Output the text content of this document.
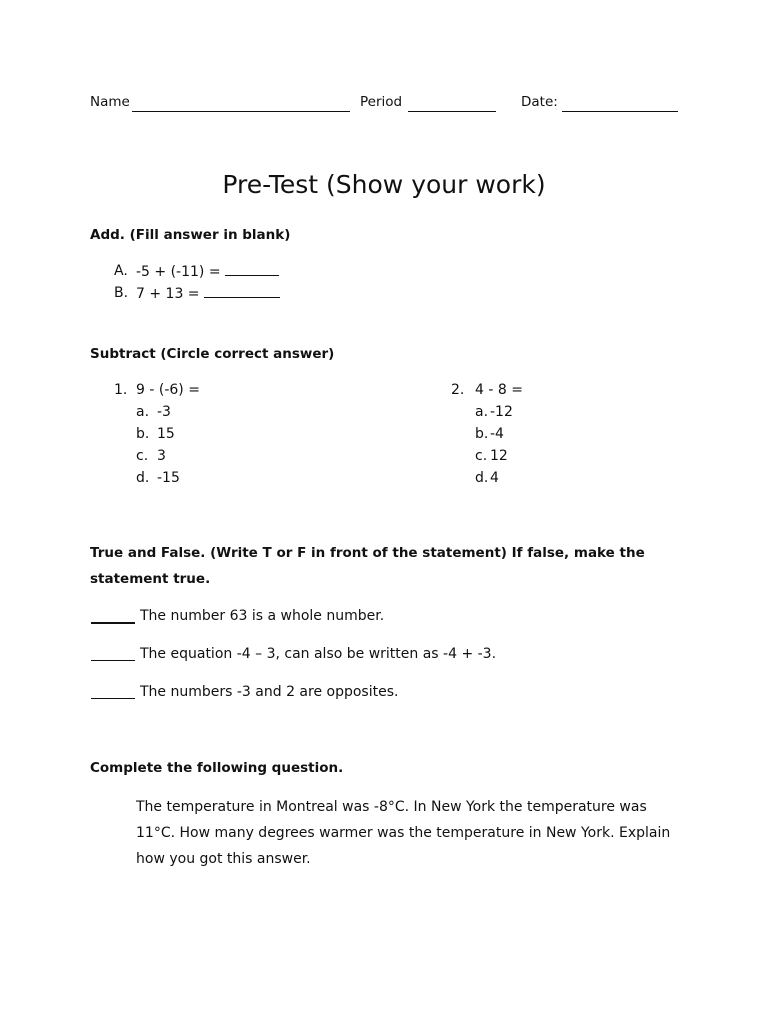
Name	Period	Date:
Pre-Test (Show your work)
Add. (Fill answer in blank)
A. -5 + (-11) =
B. 7 + 13 =
Subtract (Circle correct answer)
1. 9 - (-6) =
a. -3
b. 15
c. 3
d. -15
2. 4 - 8 =
a. -12
b. -4
c. 12
d. 4
True and False. (Write T or F in front of the statement) If false, make the
statement true.
The number 63 is a whole number.
The equation -4 – 3, can also be written as -4 + -3.
The numbers -3 and 2 are opposites.
Complete the following question.
The temperature in Montreal was -8°C. In New York the temperature was 11°C. How many degrees warmer was the temperature in New York. Explain how you got this answer.
